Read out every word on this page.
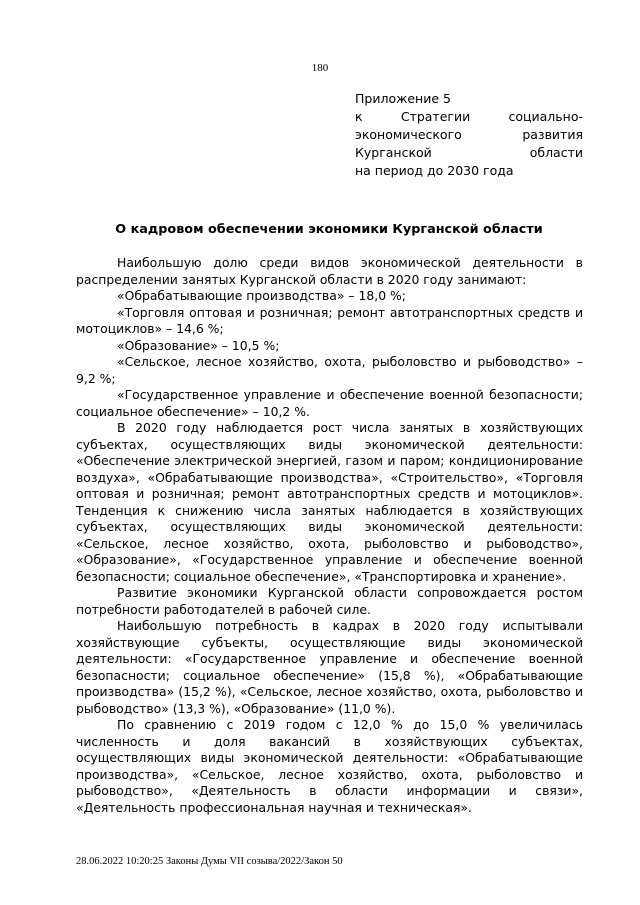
180
Приложение 5
к Стратегии социально-
экономического развития
Курганской области
на период до 2030 года
О кадровом обеспечении экономики Курганской области

Наибольшую долю среди видов экономической деятельности в распределении занятых Курганской области в 2020 году занимают:

«Обрабатывающие производства» – 18,0 %;

«Торговля оптовая и розничная; ремонт автотранспортных средств и мотоциклов» – 14,6 %;

«Образование» – 10,5 %;

«Сельское, лесное хозяйство, охота, рыболовство и рыбоводство» – 9,2 %;

«Государственное управление и обеспечение военной безопасности; социальное обеспечение» – 10,2 %.

В 2020 году наблюдается рост числа занятых в хозяйствующих субъектах, осуществляющих виды экономической деятельности: «Обеспечение электрической энергией, газом и паром; кондиционирование воздуха», «Обрабатывающие производства», «Строительство», «Торговля оптовая и розничная; ремонт автотранспортных средств и мотоциклов». Тенденция к снижению числа занятых наблюдается в хозяйствующих субъектах, осуществляющих виды экономической деятельности: «Сельское, лесное хозяйство, охота, рыболовство и рыбоводство», «Образование», «Государственное управление и обеспечение военной безопасности; социальное обеспечение», «Транспортировка и хранение».

Развитие экономики Курганской области сопровождается ростом потребности работодателей в рабочей силе.

Наибольшую потребность в кадрах в 2020 году испытывали хозяйствующие субъекты, осуществляющие виды экономической деятельности: «Государственное управление и обеспечение военной безопасности; социальное обеспечение» (15,8 %), «Обрабатывающие производства» (15,2 %), «Сельское, лесное хозяйство, охота, рыболовство и рыбоводство» (13,3 %), «Образование» (11,0 %).

По сравнению с 2019 годом с 12,0 % до 15,0 % увеличилась численность и доля вакансий в хозяйствующих субъектах, осуществляющих виды экономической деятельности: «Обрабатывающие производства», «Сельское, лесное хозяйство, охота, рыболовство и рыбоводство», «Деятельность в области информации и связи», «Деятельность профессиональная научная и техническая».

28.06.2022 10:20:25 Законы Думы VII созыва/2022/Закон 50
